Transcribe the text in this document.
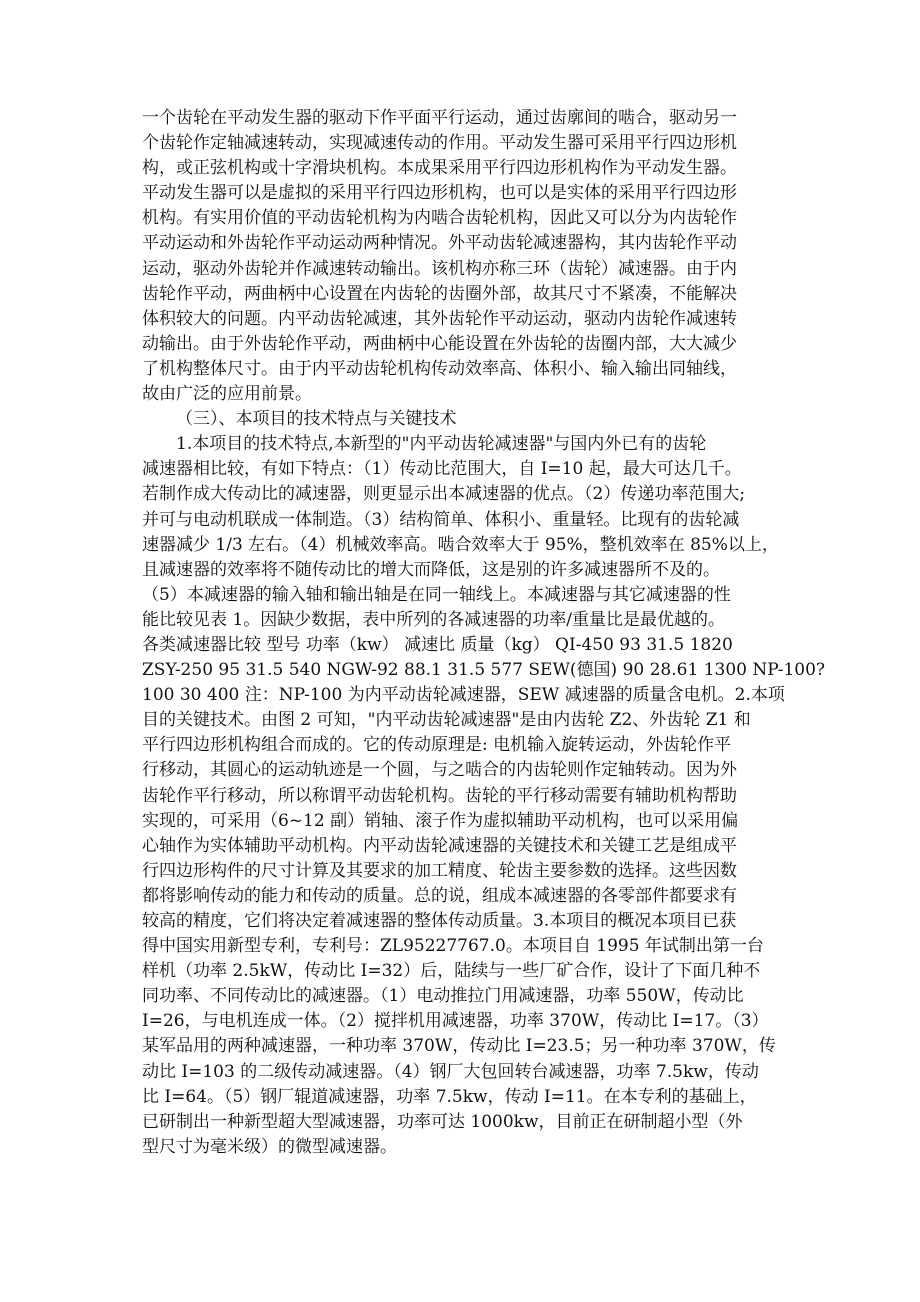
一个齿轮在平动发生器的驱动下作平面平行运动，通过齿廓间的啮合，驱动另一
个齿轮作定轴减速转动，实现减速传动的作用。平动发生器可采用平行四边形机
构，或正弦机构或十字滑块机构。本成果采用平行四边形机构作为平动发生器。
平动发生器可以是虚拟的采用平行四边形机构，也可以是实体的采用平行四边形
机构。有实用价值的平动齿轮机构为内啮合齿轮机构，因此又可以分为内齿轮作
平动运动和外齿轮作平动运动两种情况。外平动齿轮减速器构，其内齿轮作平动
运动，驱动外齿轮并作减速转动输出。该机构亦称三环（齿轮）减速器。由于内
齿轮作平动，两曲柄中心设置在内齿轮的齿圈外部，故其尺寸不紧凑，不能解决
体积较大的问题。内平动齿轮减速，其外齿轮作平动运动，驱动内齿轮作减速转
动输出。由于外齿轮作平动，两曲柄中心能设置在外齿轮的齿圈内部，大大减少
了机构整体尺寸。由于内平动齿轮机构传动效率高、体积小、输入输出同轴线，
故由广泛的应用前景。
（三）、本项目的技术特点与关键技术
1.本项目的技术特点,本新型的"内平动齿轮减速器"与国内外已有的齿轮
减速器相比较，有如下特点：（1）传动比范围大，自 I=10 起，最大可达几千。
若制作成大传动比的减速器，则更显示出本减速器的优点。（2）传递功率范围大;
并可与电动机联成一体制造。（3）结构简单、体积小、重量轻。比现有的齿轮减
速器减少 1/3 左右。（4）机械效率高。啮合效率大于 95%，整机效率在 85%以上，
且减速器的效率将不随传动比的增大而降低，这是别的许多减速器所不及的。
（5）本减速器的输入轴和输出轴是在同一轴线上。本减速器与其它减速器的性
能比较见表 1。因缺少数据，表中所列的各减速器的功率/重量比是最优越的。
各类减速器比较 型号 功率（kw） 减速比 质量（kg） QI-450 93 31.5 1820
ZSY-250 95 31.5 540 NGW-92 88.1 31.5 577 SEW(德国) 90 28.61 1300 NP-100?
100 30 400 注：NP-100 为内平动齿轮减速器，SEW 减速器的质量含电机。2.本项
目的关键技术。由图 2 可知，"内平动齿轮减速器"是由内齿轮 Z2、外齿轮 Z1 和
平行四边形机构组合而成的。它的传动原理是: 电机输入旋转运动，外齿轮作平
行移动，其圆心的运动轨迹是一个圆，与之啮合的内齿轮则作定轴转动。因为外
齿轮作平行移动，所以称谓平动齿轮机构。齿轮的平行移动需要有辅助机构帮助
实现的，可采用（6~12 副）销轴、滚子作为虚拟辅助平动机构，也可以采用偏
心轴作为实体辅助平动机构。内平动齿轮减速器的关键技术和关键工艺是组成平
行四边形构件的尺寸计算及其要求的加工精度、轮齿主要参数的选择。这些因数
都将影响传动的能力和传动的质量。总的说，组成本减速器的各零部件都要求有
较高的精度，它们将决定着减速器的整体传动质量。3.本项目的概况本项目已获
得中国实用新型专利，专利号：ZL95227767.0。本项目自 1995 年试制出第一台
样机（功率 2.5kW，传动比 I=32）后，陆续与一些厂矿合作，设计了下面几种不
同功率、不同传动比的减速器。（1）电动推拉门用减速器，功率 550W，传动比
I=26，与电机连成一体。（2）搅拌机用减速器，功率 370W，传动比 I=17。（3）
某军品用的两种减速器，一种功率 370W，传动比 I=23.5；另一种功率 370W，传
动比 I=103 的二级传动减速器。（4）钢厂大包回转台减速器，功率 7.5kw，传动
比 I=64。（5）钢厂辊道减速器，功率 7.5kw，传动 I=11。在本专利的基础上，
已研制出一种新型超大型减速器，功率可达 1000kw，目前正在研制超小型（外
型尺寸为毫米级）的微型减速器。
